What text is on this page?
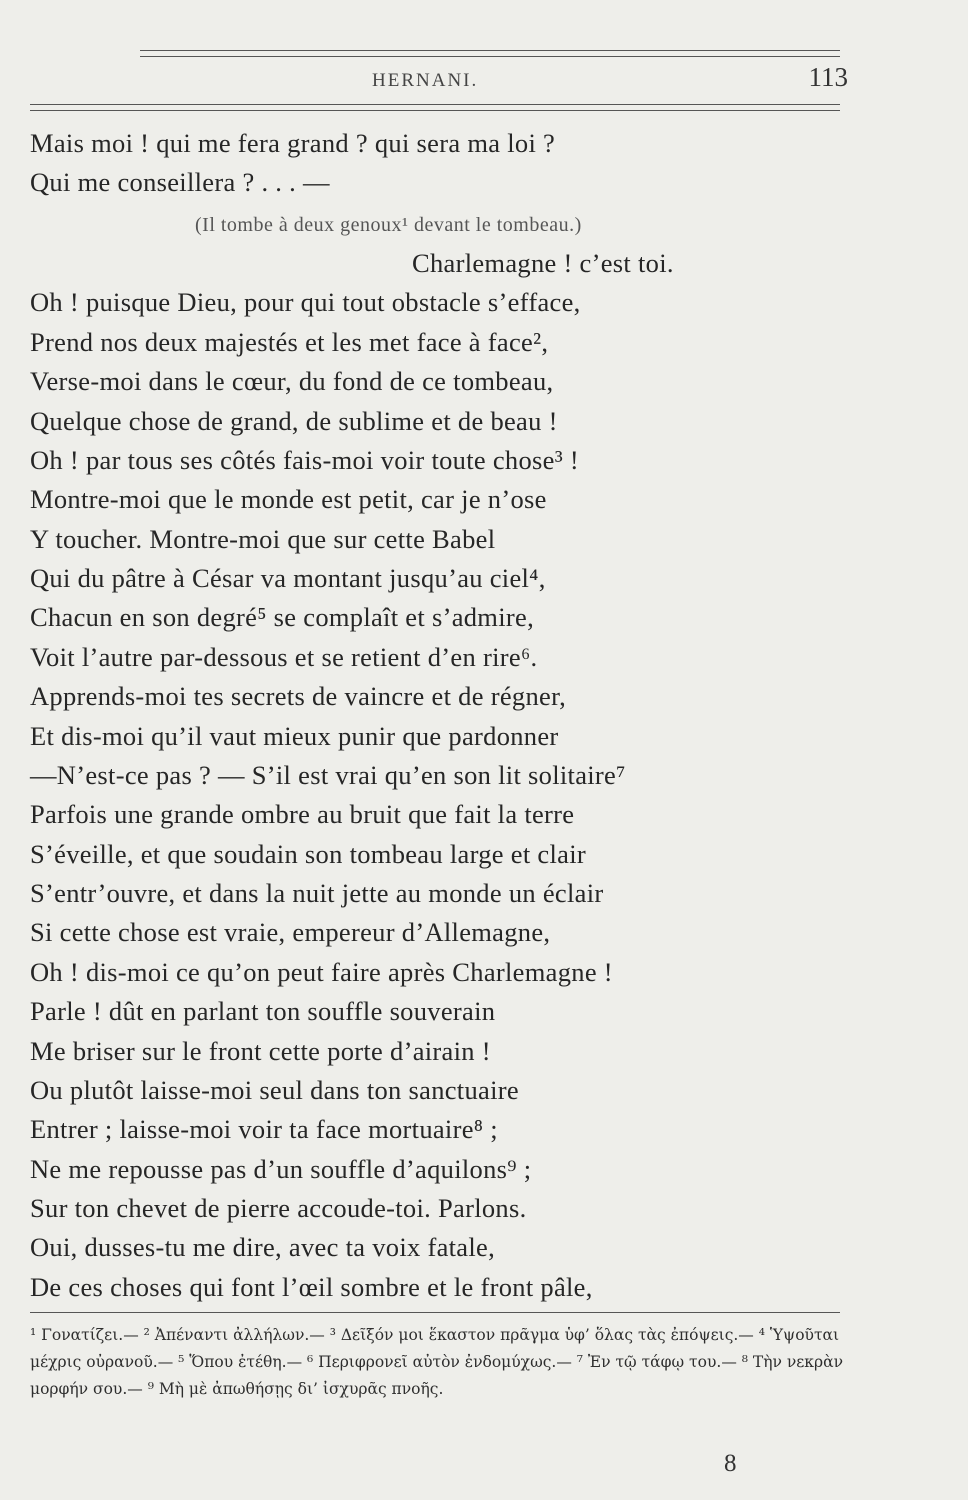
HERNANI.	113
Mais moi ! qui me fera grand ? qui sera ma loi ?
Qui me conseillera ? . . . —
(Il tombe à deux genoux¹ devant le tombeau.)
Charlemagne ! c’est toi.
Oh ! puisque Dieu, pour qui tout obstacle s’efface,
Prend nos deux majestés et les met face à face²,
Verse-moi dans le cœur, du fond de ce tombeau,
Quelque chose de grand, de sublime et de beau !
Oh ! par tous ses côtés fais-moi voir toute chose³ !
Montre-moi que le monde est petit, car je n’ose
Y toucher. Montre-moi que sur cette Babel
Qui du pâtre à César va montant jusqu’au ciel⁴,
Chacun en son degré⁵ se complaît et s’admire,
Voit l’autre par-dessous et se retient d’en rire⁶.
Apprends-moi tes secrets de vaincre et de régner,
Et dis-moi qu’il vaut mieux punir que pardonner
—N’est-ce pas ? — S’il est vrai qu’en son lit solitaire⁷
Parfois une grande ombre au bruit que fait la terre
S’éveille, et que soudain son tombeau large et clair
S’entr’ouvre, et dans la nuit jette au monde un éclair
Si cette chose est vraie, empereur d’Allemagne,
Oh ! dis-moi ce qu’on peut faire après Charlemagne !
Parle ! dût en parlant ton souffle souverain
Me briser sur le front cette porte d’airain !
Ou plutôt laisse-moi seul dans ton sanctuaire
Entrer ; laisse-moi voir ta face mortuaire⁸ ;
Ne me repousse pas d’un souffle d’aquilons⁹ ;
Sur ton chevet de pierre accoude-toi. Parlons.
Oui, dusses-tu me dire, avec ta voix fatale,
De ces choses qui font l’œil sombre et le front pâle,
¹ Γονατίζει.— ² Ἀπέναντι ἀλλήλων.— ³ Δεῖξόν μοι ἕκαστον πρᾶγμα ὑφ’ ὅλας τὰς ἐπόψεις.— ⁴ Ὑψοῦται μέχρις οὐρανοῦ.— ⁵ Ὅπου ἐτέθη.— ⁶ Περιφρονεῖ αὐτὸν ἐνδομύχως.— ⁷ Ἐν τῷ τάφῳ του.— ⁸ Τὴν νεκρὰν μορφήν σου.— ⁹ Μὴ μὲ ἀπωθήσῃς δι’ ἰσχυρᾶς πνοῆς.
8
